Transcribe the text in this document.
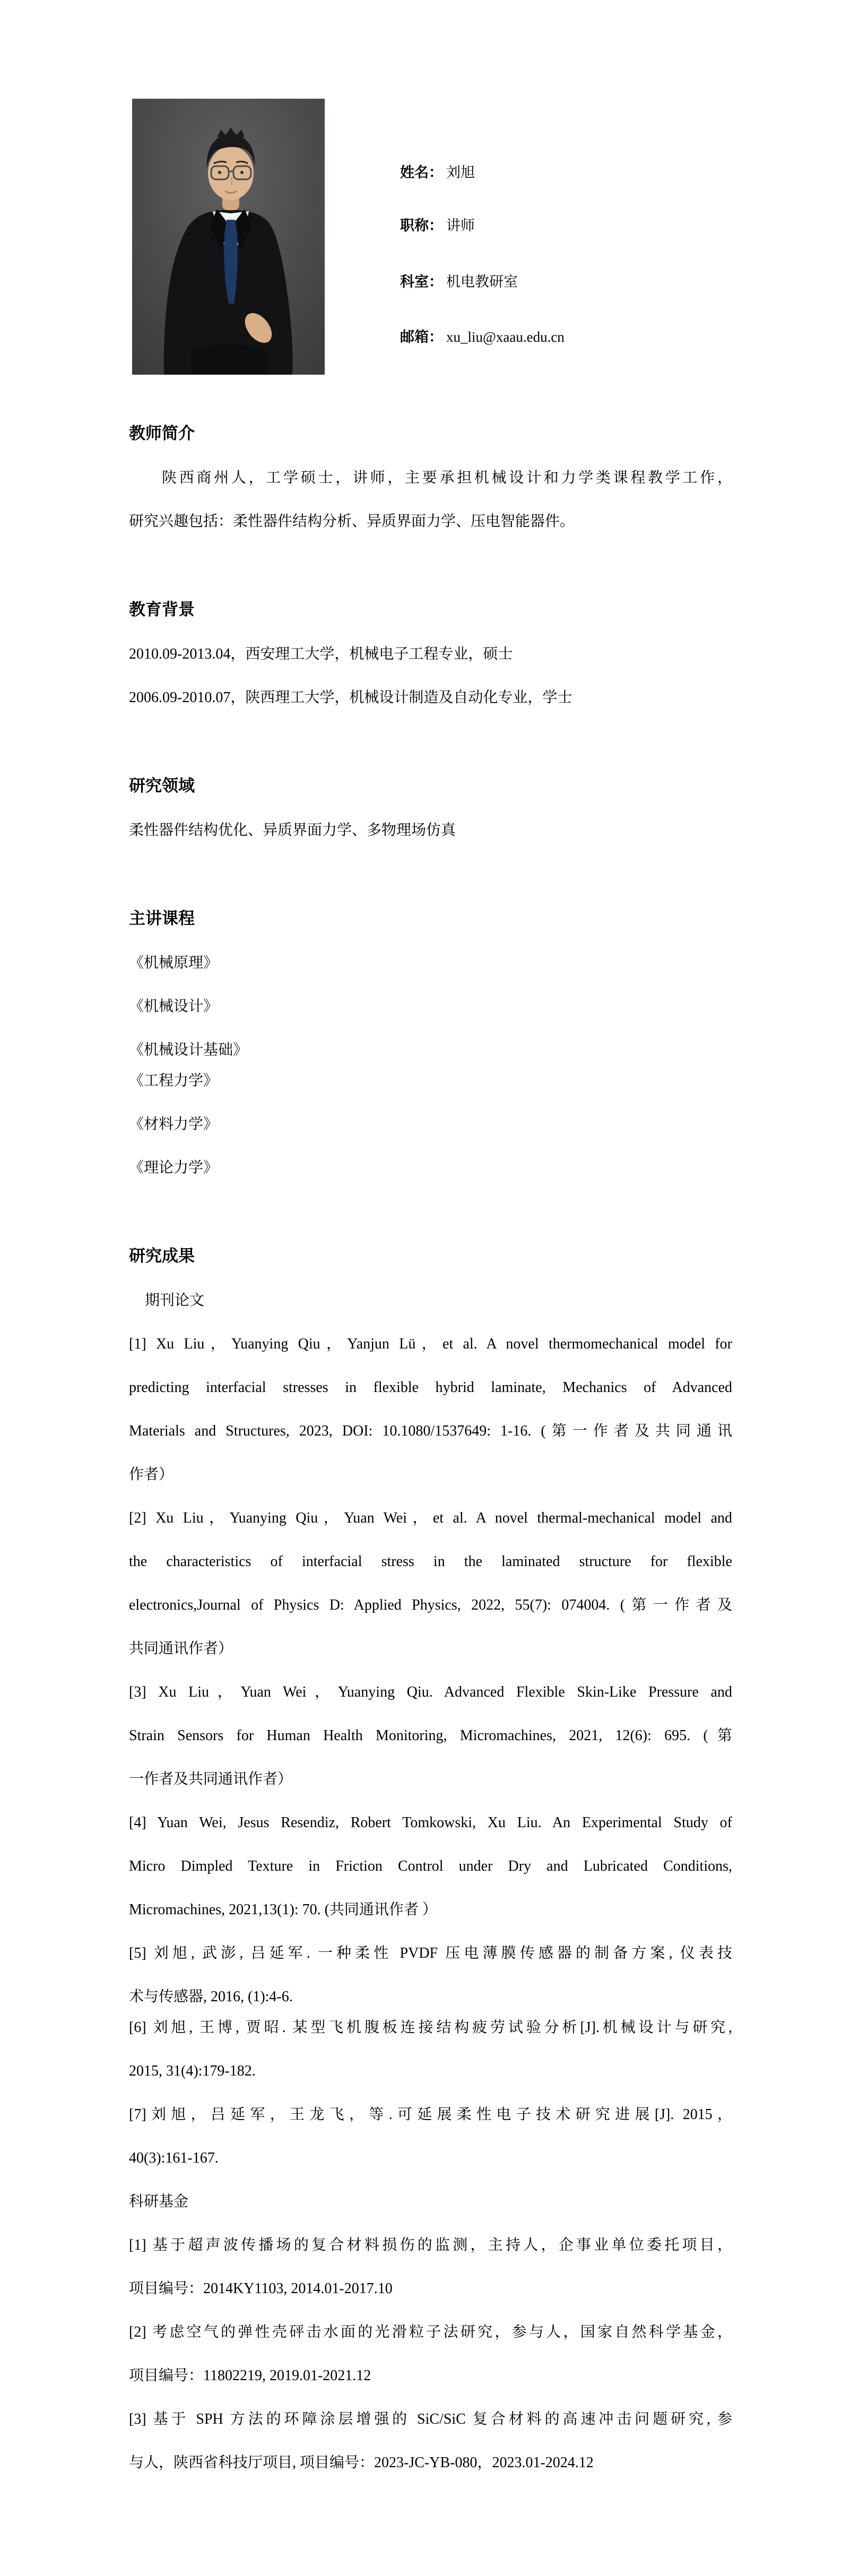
姓名： 刘旭
职称： 讲师
科室： 机电教研室
邮箱： xu_liu@xaau.edu.cn
教师简介
陕西商州人，工学硕士，讲师，主要承担机械设计和力学类课程教学工作，
研究兴趣包括：柔性器件结构分析、异质界面力学、压电智能器件。
教育背景
2010.09-2013.04，西安理工大学，机械电子工程专业，硕士
2006.09-2010.07，陕西理工大学，机械设计制造及自动化专业，学士
研究领域
柔性器件结构优化、异质界面力学、多物理场仿真
主讲课程
《机械原理》
《机械设计》
《机械设计基础》
《工程力学》
《材料力学》
《理论力学》
研究成果
期刊论文
[1] Xu Liu，Yuanying Qiu，Yanjun Lü，et al. A novel thermomechanical model for
predicting interfacial stresses in flexible hybrid laminate, Mechanics of Advanced
Materials and Structures, 2023, DOI: 10.1080/1537649: 1-16. (第一作者及共同通讯
作者）
[2] Xu Liu，Yuanying Qiu，Yuan Wei，et al. A novel thermal-mechanical model and
the characteristics of interfacial stress in the laminated structure for flexible
electronics,Journal of Physics D: Applied Physics, 2022, 55(7): 074004. (第一作者及
共同通讯作者）
[3] Xu Liu，Yuan Wei，Yuanying Qiu. Advanced Flexible Skin-Like Pressure and
Strain Sensors for Human Health Monitoring, Micromachines, 2021, 12(6): 695. (第
一作者及共同通讯作者）
[4] Yuan Wei, Jesus Resendiz, Robert Tomkowski, Xu Liu. An Experimental Study of
Micro Dimpled Texture in Friction Control under Dry and Lubricated Conditions,
Micromachines, 2021,13(1): 70. (共同通讯作者 ）
[5] 刘旭, 武澎, 吕延军. 一种柔性 PVDF 压电薄膜传感器的制备方案, 仪表技
术与传感器, 2016, (1):4-6.
[6] 刘旭, 王博, 贾昭. 某型飞机腹板连接结构疲劳试验分析[J].机械设计与研究,
2015, 31(4):179-182.
[7]刘旭，吕延军，王龙飞，等.可延展柔性电子技术研究进展[J]. 2015，
40(3):161-167.
科研基金
[1] 基于超声波传播场的复合材料损伤的监测，主持人，企事业单位委托项目，
项目编号：2014KY1103, 2014.01-2017.10
[2] 考虑空气的弹性壳砰击水面的光滑粒子法研究，参与人，国家自然科学基金，
项目编号：11802219, 2019.01-2021.12
[3] 基于 SPH 方法的环障涂层增强的 SiC/SiC 复合材料的高速冲击问题研究, 参
与人，陕西省科技厅项目, 项目编号：2023-JC-YB-080，2023.01-2024.12
